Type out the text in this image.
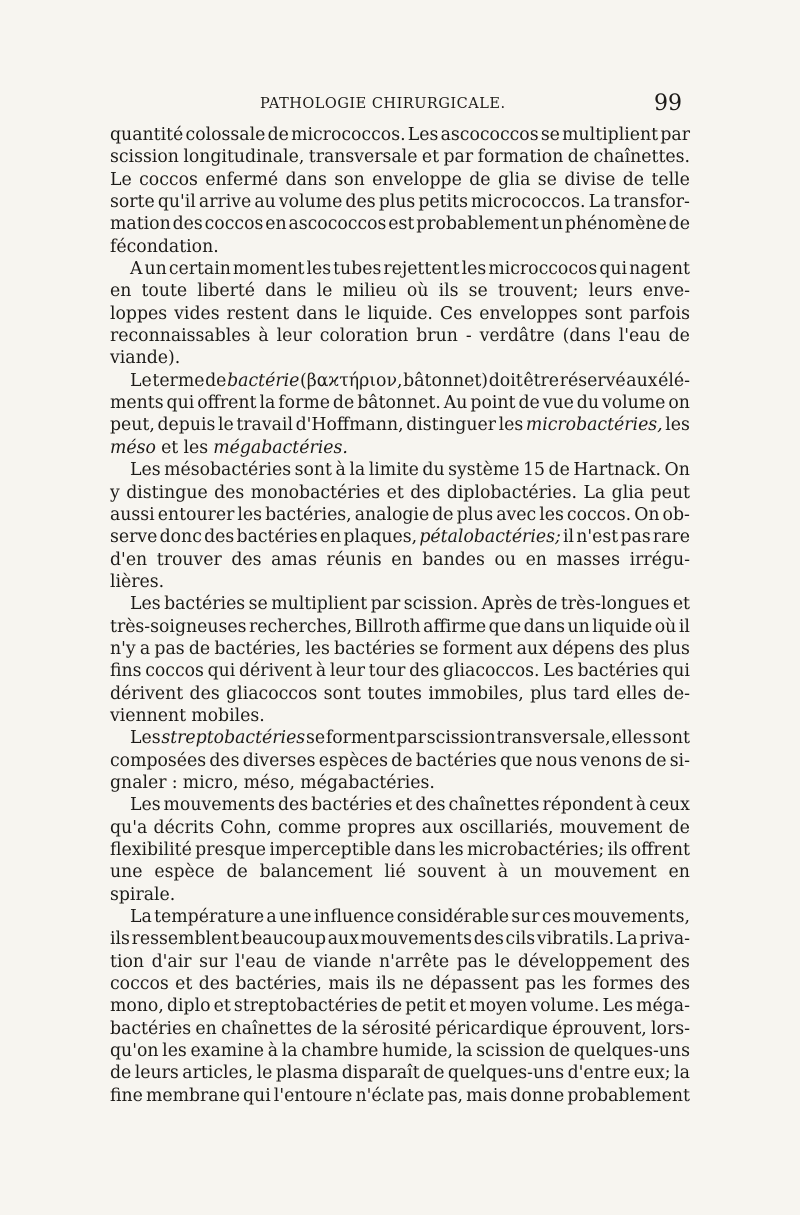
PATHOLOGIE CHIRURGICALE.	99
quantité colossale de micrococcos. Les ascococcos se multiplient par
scission longitudinale, transversale et par formation de chaînettes.
Le coccos enfermé dans son enveloppe de glia se divise de telle
sorte qu'il arrive au volume des plus petits micrococcos. La transfor-
mation des coccos en ascococcos est probablement un phénomène de
fécondation.
A un certain moment les tubes rejettent les microccocos qui nagent
en toute liberté dans le milieu où ils se trouvent; leurs enve-
loppes vides restent dans le liquide. Ces enveloppes sont parfois
reconnaissables à leur coloration brun - verdâtre (dans l'eau de
viande).
Le terme de bactérie (βαϰτήριον, bâtonnet) doit être réservé aux élé-
ments qui offrent la forme de bâtonnet. Au point de vue du volume on
peut, depuis le travail d'Hoffmann, distinguer les microbactéries, les
méso et les mégabactéries.
Les mésobactéries sont à la limite du système 15 de Hartnack. On
y distingue des monobactéries et des diplobactéries. La glia peut
aussi entourer les bactéries, analogie de plus avec les coccos. On ob-
serve donc des bactéries en plaques, pétalobactéries; il n'est pas rare
d'en trouver des amas réunis en bandes ou en masses irrégu-
lières.
Les bactéries se multiplient par scission. Après de très-longues et
très-soigneuses recherches, Billroth affirme que dans un liquide où il
n'y a pas de bactéries, les bactéries se forment aux dépens des plus
fins coccos qui dérivent à leur tour des gliacoccos. Les bactéries qui
dérivent des gliacoccos sont toutes immobiles, plus tard elles de-
viennent mobiles.
Les streptobactéries se forment par scission transversale, elles sont
composées des diverses espèces de bactéries que nous venons de si-
gnaler : micro, méso, mégabactéries.
Les mouvements des bactéries et des chaînettes répondent à ceux
qu'a décrits Cohn, comme propres aux oscillariés, mouvement de
flexibilité presque imperceptible dans les microbactéries; ils offrent
une espèce de balancement lié souvent à un mouvement en
spirale.
La température a une influence considérable sur ces mouvements,
ils ressemblent beaucoup aux mouvements des cils vibratils. La priva-
tion d'air sur l'eau de viande n'arrête pas le développement des
coccos et des bactéries, mais ils ne dépassent pas les formes des
mono, diplo et streptobactéries de petit et moyen volume. Les méga-
bactéries en chaînettes de la sérosité péricardique éprouvent, lors-
qu'on les examine à la chambre humide, la scission de quelques-uns
de leurs articles, le plasma disparaît de quelques-uns d'entre eux; la
fine membrane qui l'entoure n'éclate pas, mais donne probablement
